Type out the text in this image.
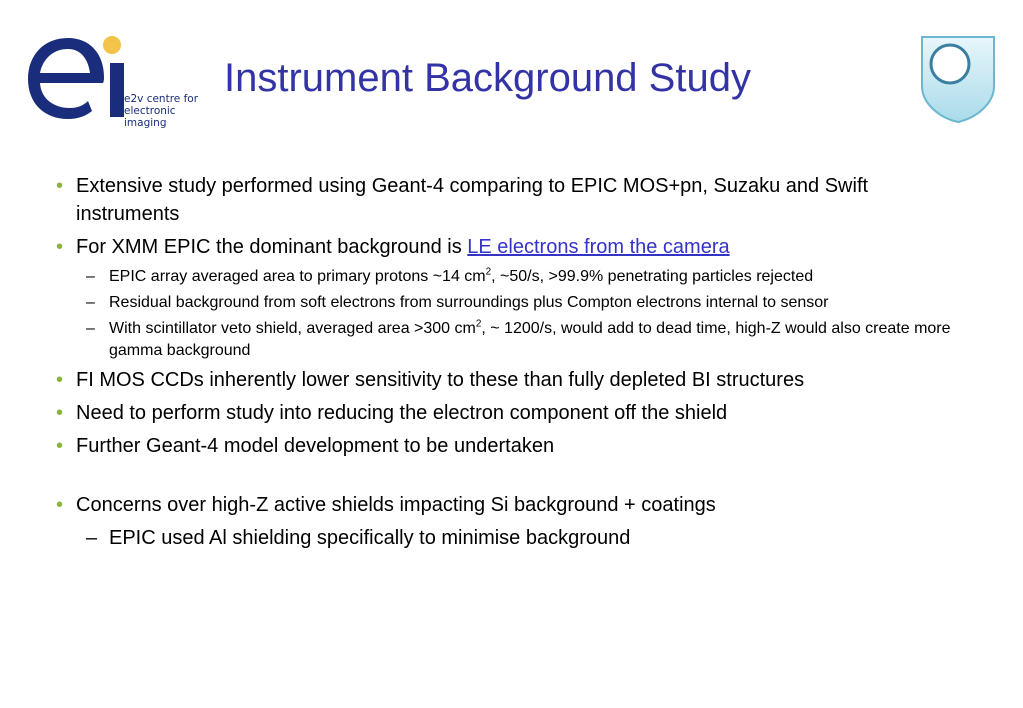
e2v centre for
electronic imaging
Instrument Background Study
• Extensive study performed using Geant-4 comparing to EPIC MOS+pn, Suzaku and Swift instruments
• For XMM EPIC the dominant background is LE electrons from the camera
– EPIC array averaged area to primary protons ~14 $cm^2$, ~50/s, >99.9% penetrating particles rejected
– Residual background from soft electrons from surroundings plus Compton electrons internal to sensor
– With scintillator veto shield, averaged area >300 $cm^2$, ~ 1200/s, would add to dead time, high-Z would also create more gamma background
• FI MOS CCDs inherently lower sensitivity to these than fully depleted BI structures
• Need to perform study into reducing the electron component off the shield
• Further Geant-4 model development to be undertaken
• Concerns over high-Z active shields impacting Si background + coatings
– EPIC used Al shielding specifically to minimise background
